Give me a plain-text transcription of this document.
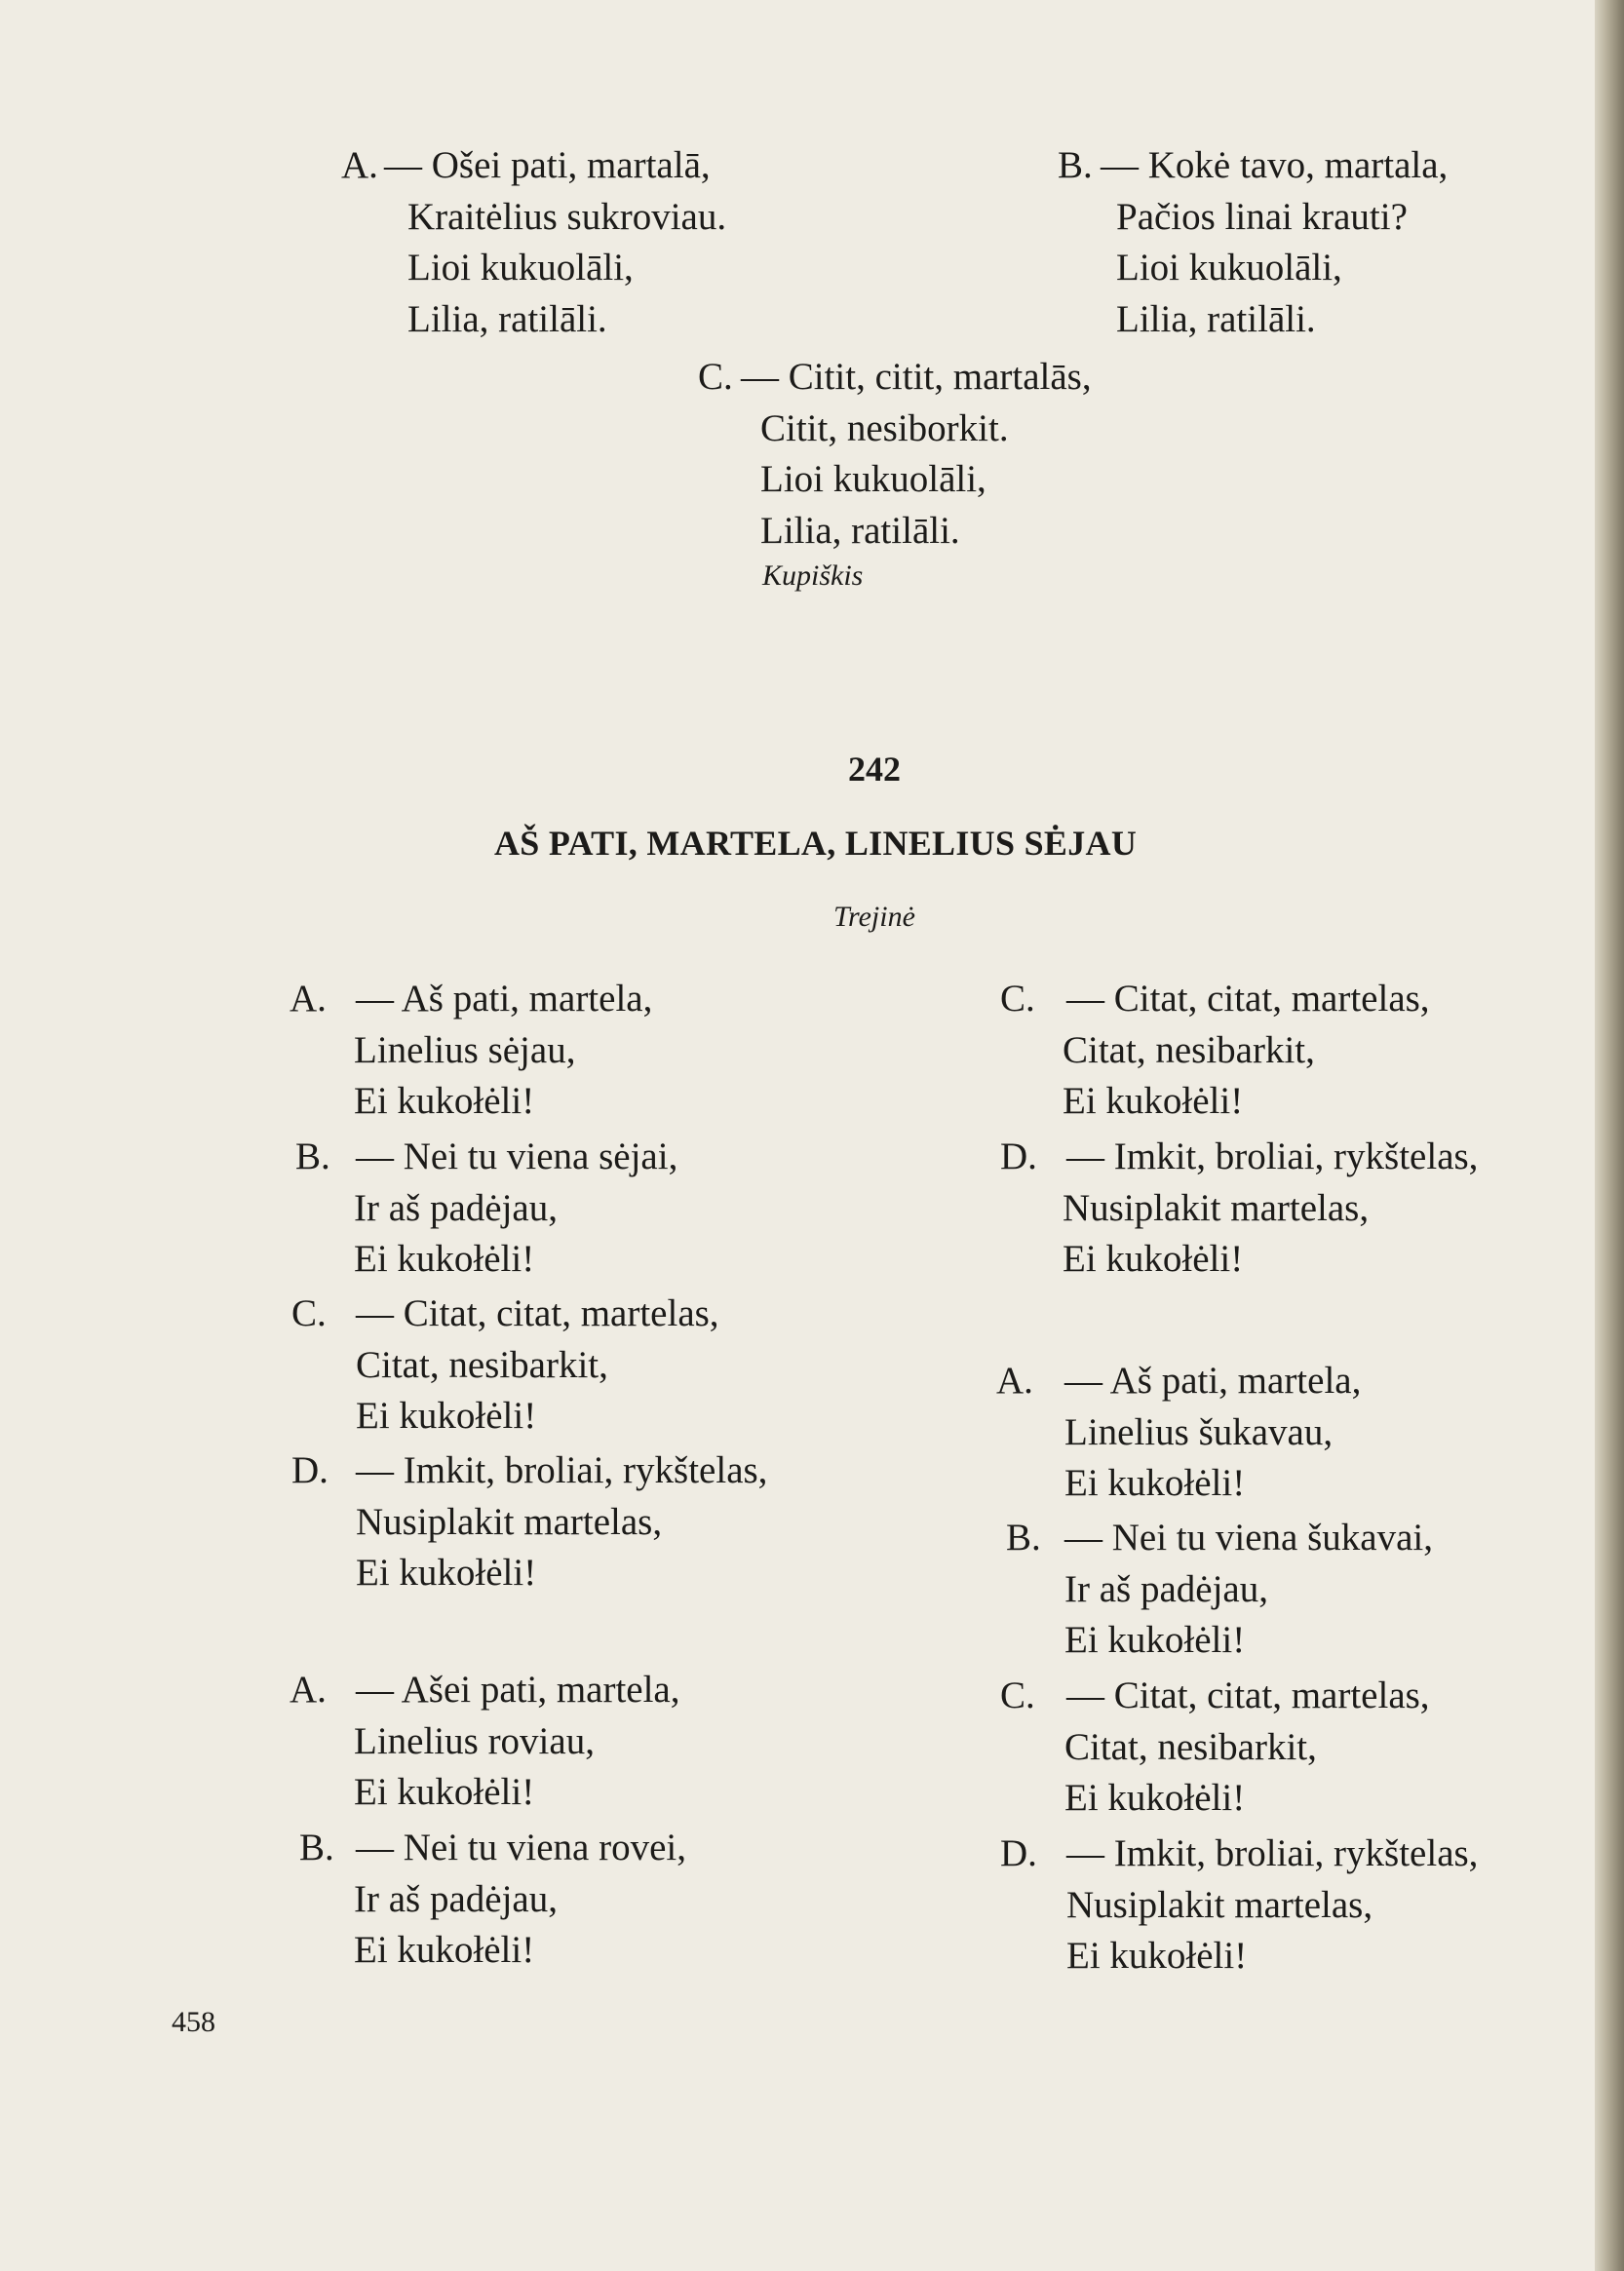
A. — Ošei pati, martalā,
Kraitėlius sukroviau.
Lioi kukuolāli,
Lilia, ratilāli.
B. — Kokė tavo, martala,
Pačios linai krauti?
Lioi kukuolāli,
Lilia, ratilāli.
C. — Citit, citit, martalās,
Citit, nesiborkit.
Lioi kukuolāli,
Lilia, ratilāli.
Kupiškis
242
AŠ PATI, MARTELA, LINELIUS SĖJAU
Trejinė
A. — Aš pati, martela,
Linelius sėjau,
Ei kukołėli!
B. — Nei tu viena sėjai,
Ir aš padėjau,
Ei kukołėli!
C. — Citat, citat, martelas,
Citat, nesibarkit,
Ei kukołėli!
D. — Imkit, broliai, rykštelas,
Nusiplakit martelas,
Ei kukołėli!
A. — Ašei pati, martela,
Linelius roviau,
Ei kukołėli!
B. — Nei tu viena rovei,
Ir aš padėjau,
Ei kukołėli!
C. — Citat, citat, martelas,
Citat, nesibarkit,
Ei kukołėli!
D. — Imkit, broliai, rykštelas,
Nusiplakit martelas,
Ei kukołėli!
A. — Aš pati, martela,
Linelius šukavau,
Ei kukołėli!
B. — Nei tu viena šukavai,
Ir aš padėjau,
Ei kukołėli!
C. — Citat, citat, martelas,
Citat, nesibarkit,
Ei kukołėli!
D. — Imkit, broliai, rykštelas,
Nusiplakit martelas,
Ei kukołėli!
458
